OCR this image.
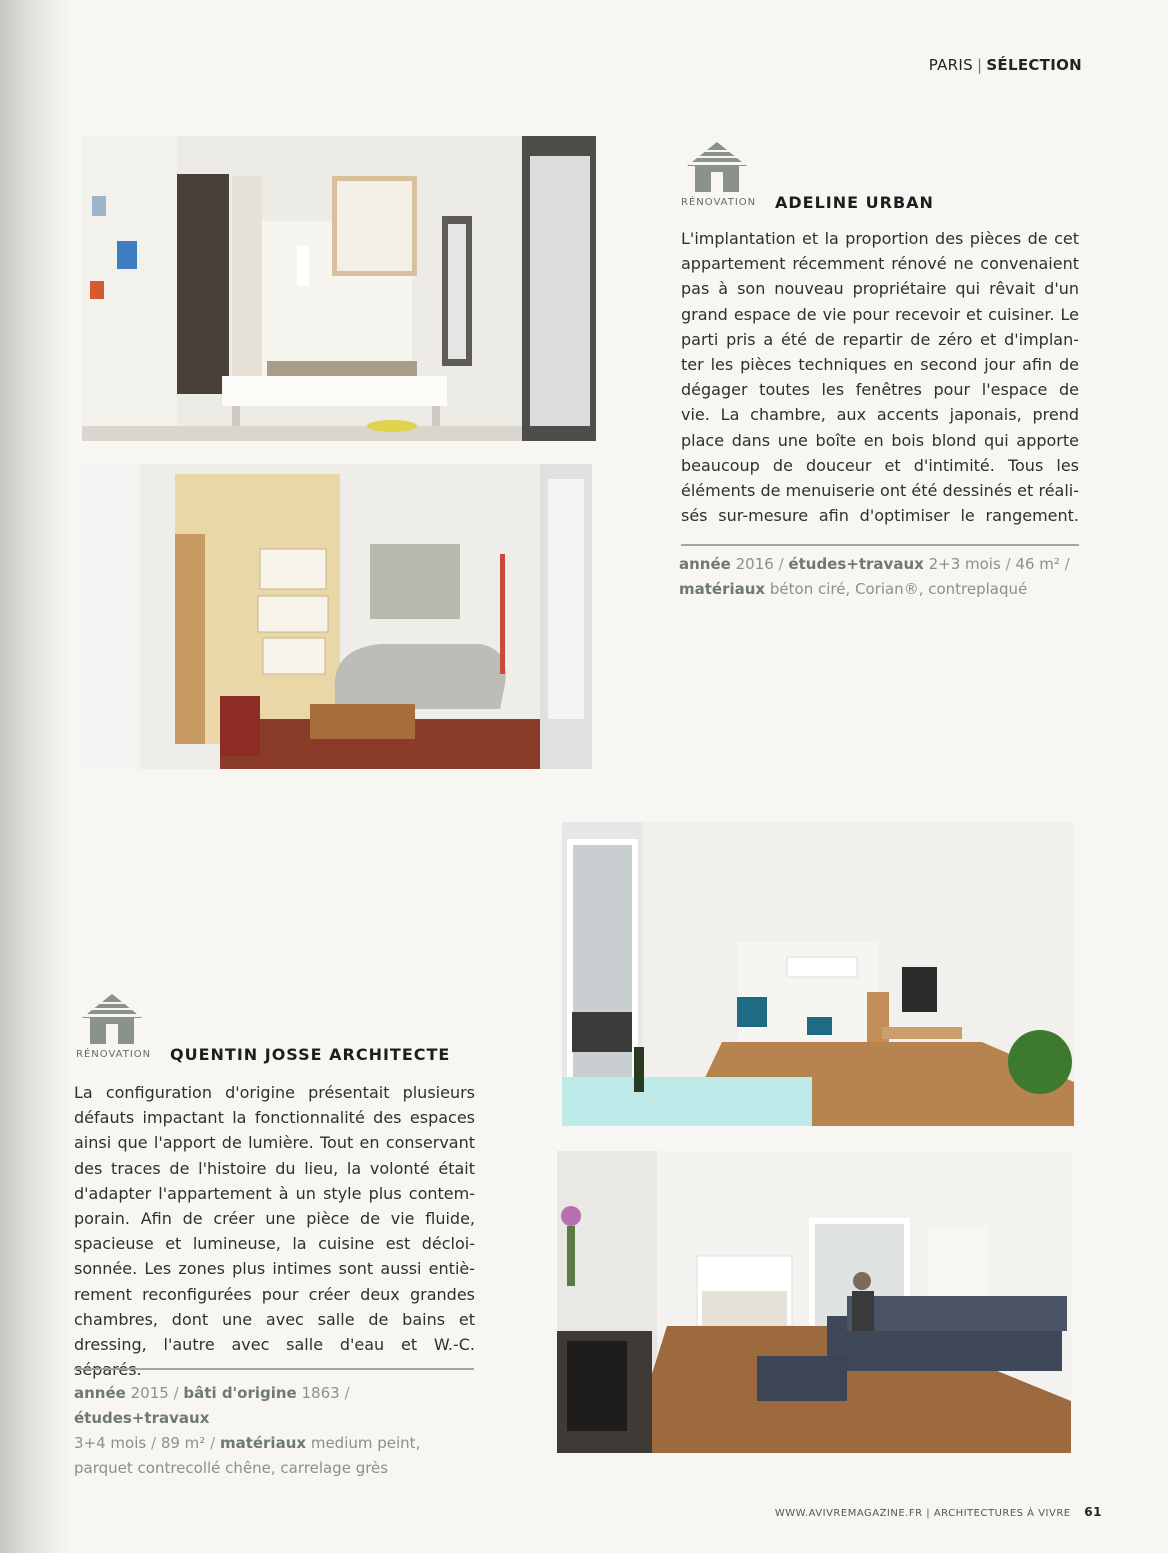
PARIS | SÉLECTION
RÉNOVATION ADELINE URBAN

L'implantation et la proportion des pièces de cet
appartement récemment rénové ne convenaient
pas à son nouveau propriétaire qui rêvait d'un
grand espace de vie pour recevoir et cuisiner. Le
parti pris a été de repartir de zéro et d'implan-
ter les pièces techniques en second jour afin de
dégager toutes les fenêtres pour l'espace de
vie. La chambre, aux accents japonais, prend
place dans une boîte en bois blond qui apporte
beaucoup de douceur et d'intimité. Tous les
éléments de menuiserie ont été dessinés et réali-
sés sur-mesure afin d'optimiser le rangement.

année 2016 / études+travaux 2+3 mois / 46 m² /
matériaux béton ciré, Corian®, contreplaqué

RÉNOVATION QUENTIN JOSSE ARCHITECTE

La configuration d'origine présentait plusieurs
défauts impactant la fonctionnalité des espaces
ainsi que l'apport de lumière. Tout en conservant
des traces de l'histoire du lieu, la volonté était
d'adapter l'appartement à un style plus contem-
porain. Afin de créer une pièce de vie fluide,
spacieuse et lumineuse, la cuisine est décloi-
sonnée. Les zones plus intimes sont aussi entiè-
rement reconfigurées pour créer deux grandes
chambres, dont une avec salle de bains et
dressing, l'autre avec salle d'eau et W.-C.

année 2015 / bâti d'origine 1863 / études+travaux
3+4 mois / 89 m² / matériaux medium peint,
parquet contrecollé chêne, carrelage grès

WWW.AVIVREMAGAZINE.FR | ARCHITECTURES À VIVRE 61
